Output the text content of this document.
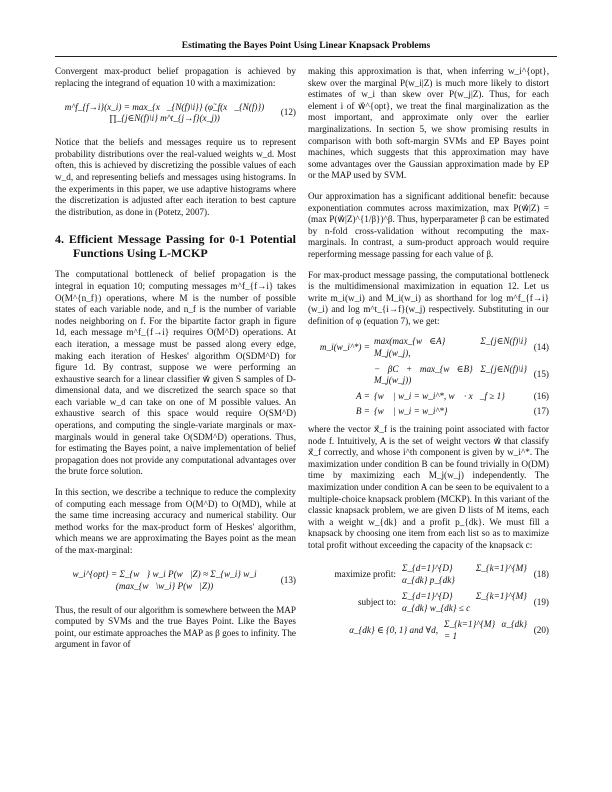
Estimating the Bayes Point Using Linear Knapsack Problems

Convergent max-product belief propagation is achieved by replacing the integrand of equation 10 with a maximization:

m^f_{f→i}(x_i) = max_{x⃗_{N(f)\i}} (φ̃_f(x⃗_{N(f)}) ∏_{j∈N(f)\i} m^t_{j→f}(x_j))
(12)

Notice that the beliefs and messages require us to represent probability distributions over the real-valued weights w_d. Most often, this is achieved by discretizing the possible values of each w_d, and representing beliefs and messages using histograms. In the experiments in this paper, we use adaptive histograms where the discretization is adjusted after each iteration to best capture the distribution, as done in (Potetz, 2007).

4. Efficient Message Passing for 0-1 Potential Functions Using L-MCKP

The computational bottleneck of belief propagation is the integral in equation 10; computing messages m^f_{f→i} takes O(M^{n_f}) operations, where M is the number of possible states of each variable node, and n_f is the number of variable nodes neighboring on f. For the bipartite factor graph in figure 1d, each message m^f_{f→i} requires O(M^D) operations. At each iteration, a message must be passed along every edge, making each iteration of Heskes' algorithm O(SDM^D) for figure 1d. By contrast, suppose we were performing an exhaustive search for a linear classifier w⃗ given S samples of D-dimensional data, and we discretized the search space so that each variable w_d can take on one of M possible values. An exhaustive search of this space would require O(SM^D) operations, and computing the single-variate marginals or max-marginals would in general take O(SDM^D) operations. Thus, for estimating the Bayes point, a naive implementation of belief propagation does not provide any computational advantages over the brute force solution.

In this section, we describe a technique to reduce the complexity of computing each message from O(M^D) to O(MD), while at the same time increasing accuracy and numerical stability. Our method works for the max-product form of Heskes' algorithm, which means we are approximating the Bayes point as the mean of the max-marginal:

w_i^{opt} = Σ_{w⃗} w_i P(w⃗|Z) ≈ Σ_{w_i} w_i (max_{w⃗\w_i} P(w⃗|Z))
(13)

Thus, the result of our algorithm is somewhere between the MAP computed by SVMs and the true Bayes Point. Like the Bayes point, our estimate approaches the MAP as β goes to infinity. The argument in favor of

making this approximation is that, when inferring w_i^{opt}, skew over the marginal P(w_i|Z) is much more likely to distort estimates of w_i than skew over P(w_j|Z). Thus, for each element i of w⃗^{opt}, we treat the final marginalization as the most important, and approximate only over the earlier marginalizations. In section 5, we show promising results in comparison with both soft-margin SVMs and EP Bayes point machines, which suggests that this approximation may have some advantages over the Gaussian approximation made by EP or the MAP used by SVM.

Our approximation has a significant additional benefit: because exponentiation commutes across maximization, max P(w⃗|Z) = (max P(w⃗|Z)^{1/β})^β. Thus, hyperparameter β can be estimated by n-fold cross-validation without recomputing the max-marginals. In contrast, a sum-product approach would require reperforming message passing for each value of β.

For max-product message passing, the computational bottleneck is the multidimensional maximization in equation 12. Let us write m_i(w_i) and M_i(w_i) as shorthand for log m^f_{f→i}(w_i) and log m^t_{i→f}(w_j) respectively. Substituting in our definition of φ (equation 7), we get:

m_i(w_i^*) =
max(max_{w⃗∈A} Σ_{j∈N(f)\i} M_j(w_j),
(14)
− βC + max_{w⃗∈B} Σ_{j∈N(f)\i} M_j(w_j))
(15)
A = {w⃗ | w_i = w_i^*, w⃗ · x⃗_f ≥ 1}	(16)
B = {w⃗ | w_i = w_i^*}	(17)

where the vector x⃗_f is the training point associated with factor node f. Intuitively, A is the set of weight vectors w⃗ that classify x⃗_f correctly, and whose i^th component is given by w_i^*. The maximization under condition B can be found trivially in O(DM) time by maximizing each M_j(w_j) independently. The maximization under condition A can be seen to be equivalent to a multiple-choice knapsack problem (MCKP). In this variant of the classic knapsack problem, we are given D lists of M items, each with a weight w_{dk} and a profit p_{dk}. We must fill a knapsack by choosing one item from each list so as to maximize total profit without exceeding the capacity of the knapsack c:

maximize profit:
Σ_{d=1}^{D} Σ_{k=1}^{M} α_{dk} p_{dk}
(18)
subject to:
Σ_{d=1}^{D} Σ_{k=1}^{M} α_{dk} w_{dk} ≤ c
(19)
α_{dk} ∈ {0, 1} and ∀d,
Σ_{k=1}^{M} α_{dk} = 1
(20)
